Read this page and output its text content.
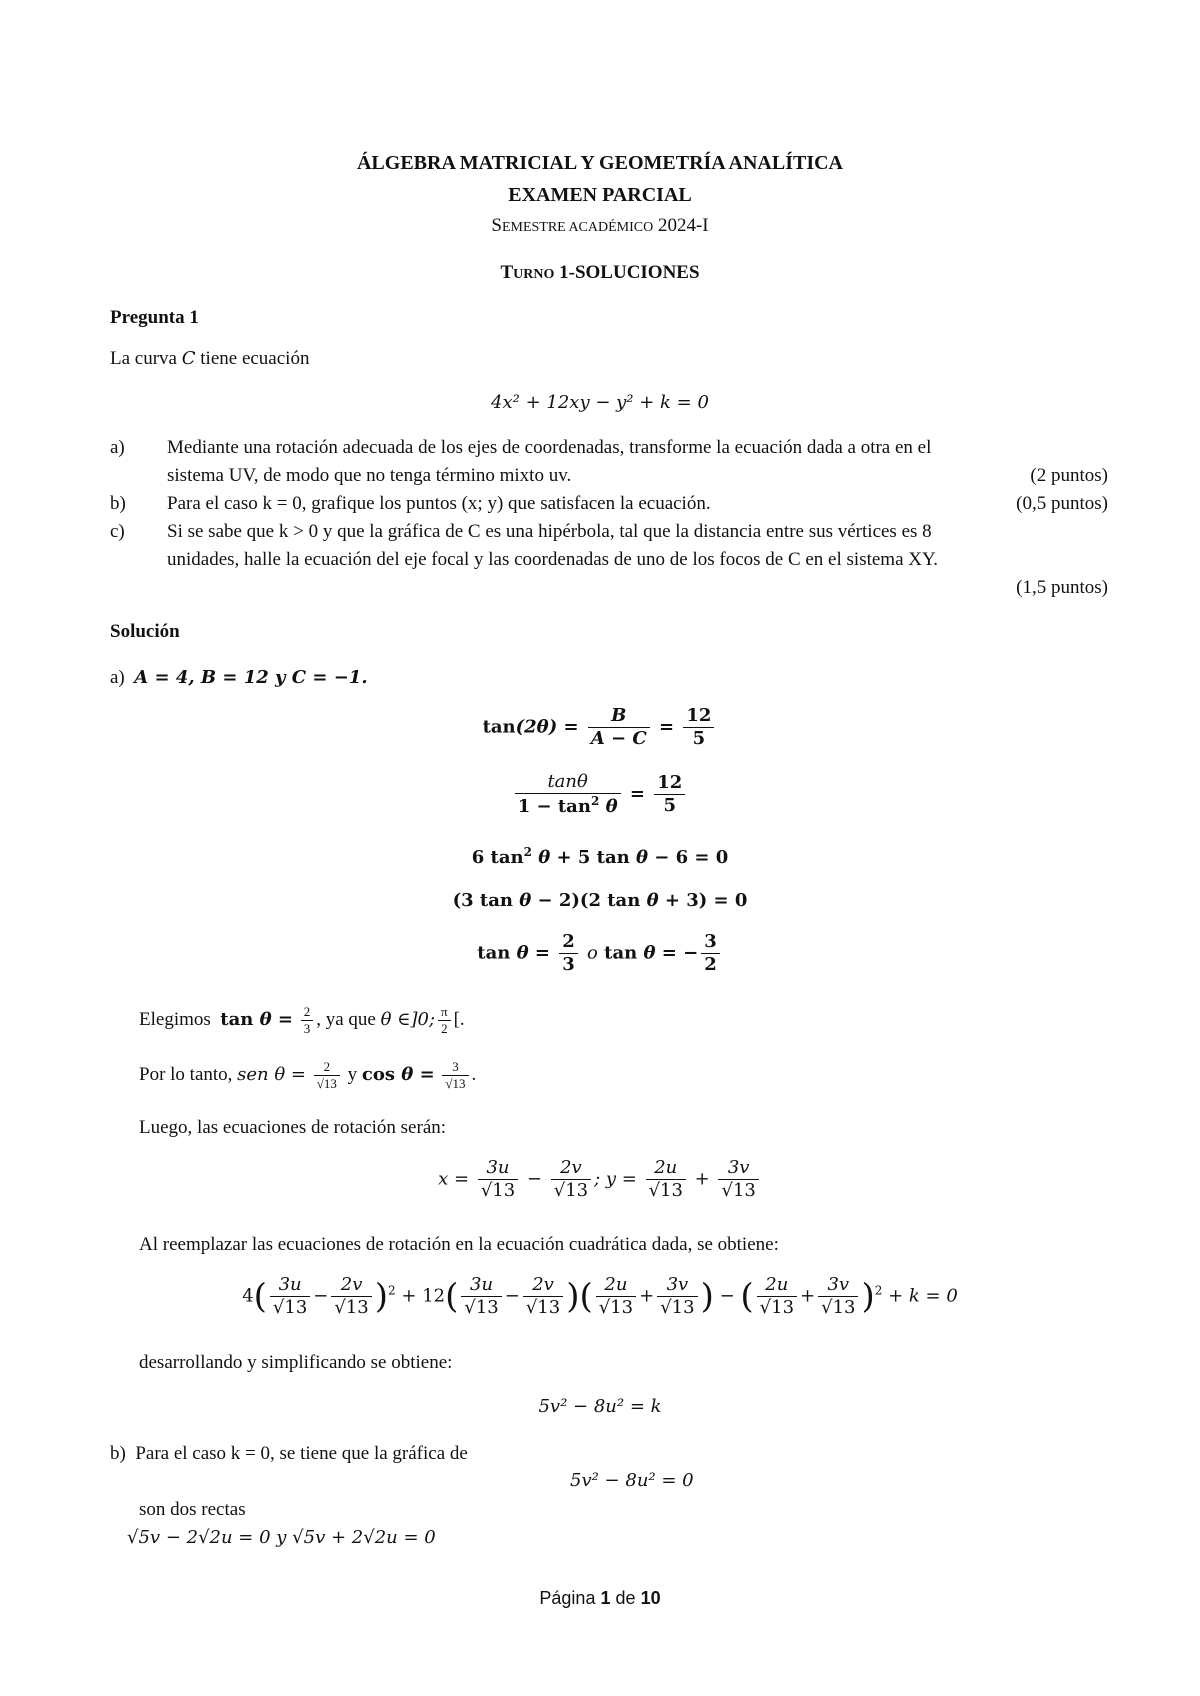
ÁLGEBRA MATRICIAL Y GEOMETRÍA ANALÍTICA
EXAMEN PARCIAL
SEMESTRE ACADÉMICO 2024-I
TURNO 1-SOLUCIONES
Pregunta 1
La curva C tiene ecuación
4x² + 12xy − y² + k = 0
a) Mediante una rotación adecuada de los ejes de coordenadas, transforme la ecuación dada a otra en el
sistema UV, de modo que no tenga término mixto uv.	(2 puntos)
b) Para el caso k = 0, grafique los puntos (x; y) que satisfacen la ecuación.	(0,5 puntos)
c) Si se sabe que k > 0 y que la gráfica de C es una hipérbola, tal que la distancia entre sus vértices es 8
unidades, halle la ecuación del eje focal y las coordenadas de uno de los focos de C en el sistema XY.
(1,5 puntos)
Solución
a) A = 4, B = 12 y C = −1.
$\tan(2\theta) = \frac{B}{A - C} = \frac{12}{5}$
$\frac{\tan\theta}{1 - \tan^2 \theta} = \frac{12}{5}$
6 $\tan^2 \theta + 5$ tan θ − 6 = 0
(3 tan θ − 2)(2 tan θ + 3) = 0
$\tan \theta = \frac{2}{3}$ o tan θ = − $\frac{3}{2}$
Elegimos $\tan \theta = \frac{2}{3}$ , ya que θ ∈]0; $\frac{\pi}{2}$ [.
Por lo tanto, sen $\theta = \frac{2}{√13}$ y $\cos \theta = \frac{3}{√13}$ .
Luego, las ecuaciones de rotación serán:
$x = \frac{3u}{√13} - \frac{2v}{√13}$ ; $y = \frac{2u}{√13} + \frac{3v}{√13}$
Al reemplazar las ecuaciones de rotación en la ecuación cuadrática dada, se obtiene:
$4( \frac{3u}{√13} - \frac{2v}{√13} )^2 + 12( \frac{3u}{√13} - \frac{2v}{√13}$ )( $\frac{2u}{√13} + \frac{3v}{√13}$ ) − ( $\frac{2u}{√13} + \frac{3v}{√13} )^2 + k = 0$
desarrollando y simplificando se obtiene:
5v² − 8u² = k
b) Para el caso k = 0, se tiene que la gráfica de
5v² − 8u² = 0
son dos rectas
√5v − 2√2u = 0 y √5v + 2√2u = 0
Página 1 de 10
